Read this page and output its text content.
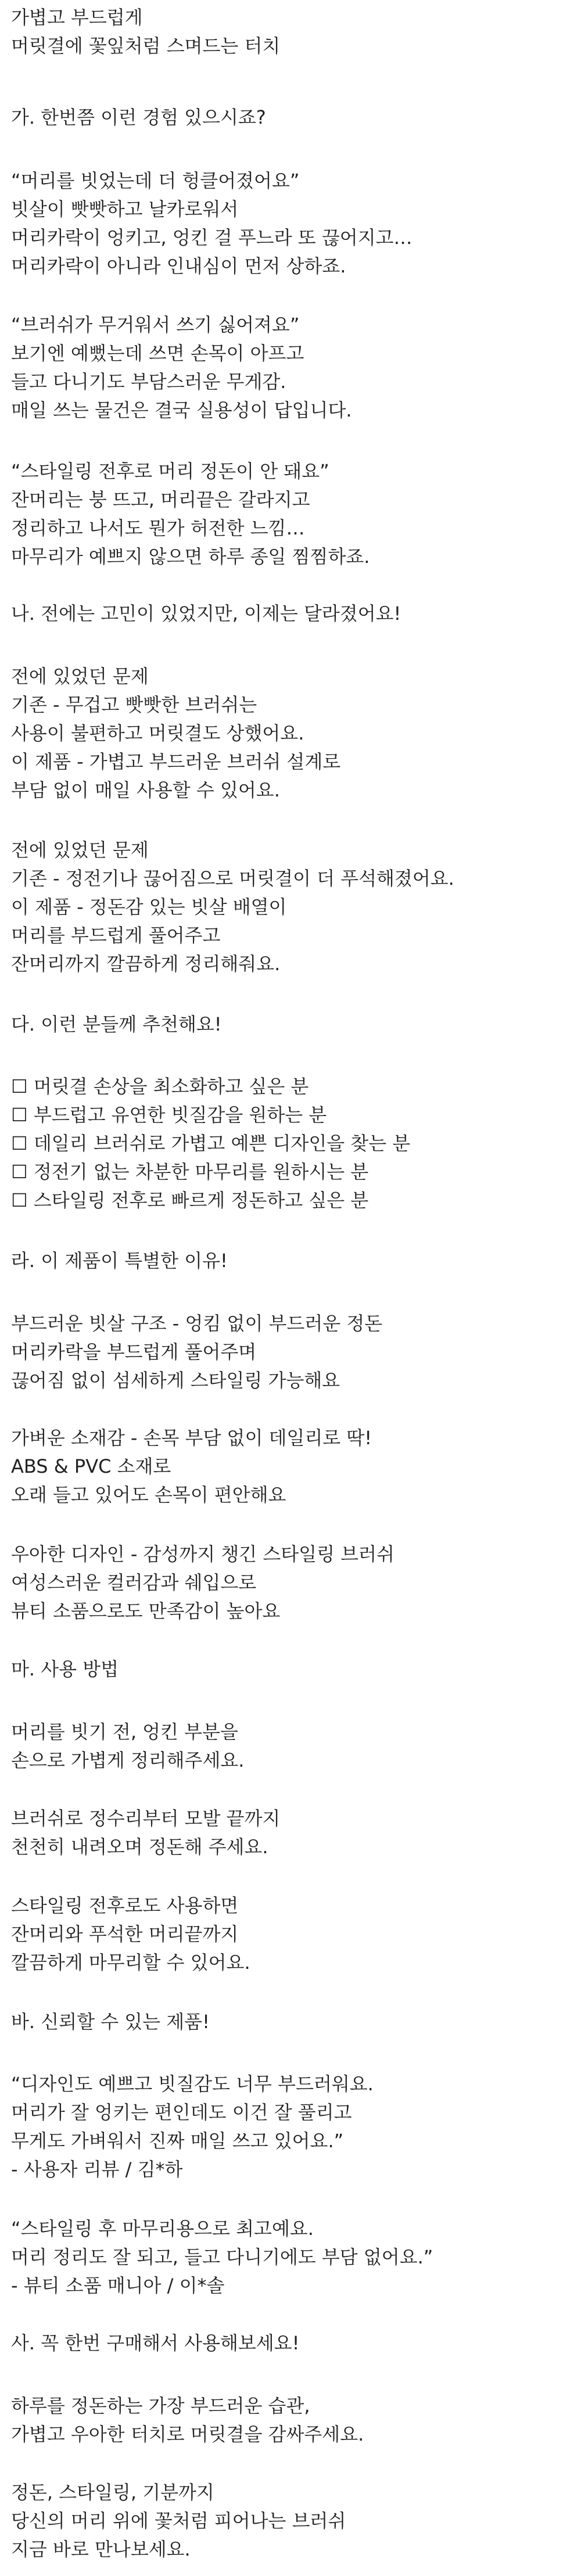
가볍고 부드럽게
머릿결에 꽃잎처럼 스며드는 터치
가. 한번쯤 이런 경험 있으시죠?
“머리를 빗었는데 더 헝클어졌어요”
빗살이 빳빳하고 날카로워서
머리카락이 엉키고, 엉킨 걸 푸느라 또 끊어지고…
머리카락이 아니라 인내심이 먼저 상하죠.
“브러쉬가 무거워서 쓰기 싫어져요”
보기엔 예뻤는데 쓰면 손목이 아프고
들고 다니기도 부담스러운 무게감.
매일 쓰는 물건은 결국 실용성이 답입니다.
“스타일링 전후로 머리 정돈이 안 돼요”
잔머리는 붕 뜨고, 머리끝은 갈라지고
정리하고 나서도 뭔가 허전한 느낌…
마무리가 예쁘지 않으면 하루 종일 찜찜하죠.
나. 전에는 고민이 있었지만, 이제는 달라졌어요!
전에 있었던 문제
기존 - 무겁고 빳빳한 브러쉬는
사용이 불편하고 머릿결도 상했어요.
이 제품 - 가볍고 부드러운 브러쉬 설계로
부담 없이 매일 사용할 수 있어요.
전에 있었던 문제
기존 - 정전기나 끊어짐으로 머릿결이 더 푸석해졌어요.
이 제품 - 정돈감 있는 빗살 배열이
머리를 부드럽게 풀어주고
잔머리까지 깔끔하게 정리해줘요.
다. 이런 분들께 추천해요!
☐ 머릿결 손상을 최소화하고 싶은 분
☐ 부드럽고 유연한 빗질감을 원하는 분
☐ 데일리 브러쉬로 가볍고 예쁜 디자인을 찾는 분
☐ 정전기 없는 차분한 마무리를 원하시는 분
☐ 스타일링 전후로 빠르게 정돈하고 싶은 분
라. 이 제품이 특별한 이유!
부드러운 빗살 구조 - 엉킴 없이 부드러운 정돈
머리카락을 부드럽게 풀어주며
끊어짐 없이 섬세하게 스타일링 가능해요
가벼운 소재감 - 손목 부담 없이 데일리로 딱!
ABS & PVC 소재로
오래 들고 있어도 손목이 편안해요
우아한 디자인 - 감성까지 챙긴 스타일링 브러쉬
여성스러운 컬러감과 쉐입으로
뷰티 소품으로도 만족감이 높아요
마. 사용 방법
머리를 빗기 전, 엉킨 부분을
손으로 가볍게 정리해주세요.
브러쉬로 정수리부터 모발 끝까지
천천히 내려오며 정돈해 주세요.
스타일링 전후로도 사용하면
잔머리와 푸석한 머리끝까지
깔끔하게 마무리할 수 있어요.
바. 신뢰할 수 있는 제품!
“디자인도 예쁘고 빗질감도 너무 부드러워요.
머리가 잘 엉키는 편인데도 이건 잘 풀리고
무게도 가벼워서 진짜 매일 쓰고 있어요.”
- 사용자 리뷰 / 김*하
“스타일링 후 마무리용으로 최고예요.
머리 정리도 잘 되고, 들고 다니기에도 부담 없어요.”
- 뷰티 소품 매니아 / 이*솔
사. 꼭 한번 구매해서 사용해보세요!
하루를 정돈하는 가장 부드러운 습관,
가볍고 우아한 터치로 머릿결을 감싸주세요.
정돈, 스타일링, 기분까지
당신의 머리 위에 꽃처럼 피어나는 브러쉬
지금 바로 만나보세요.
